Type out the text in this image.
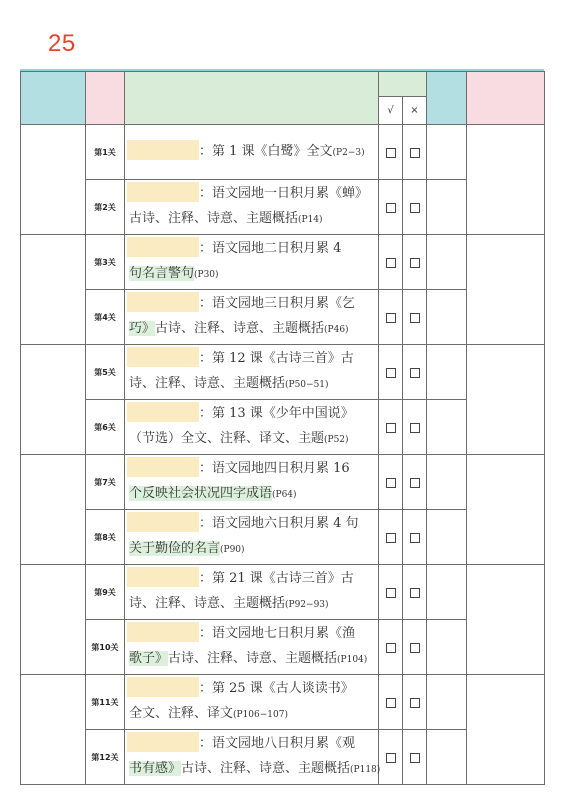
25

			√	×		
	第1关	：第 1 课《白鹭》全文(P2−3)				

	第2关	：语文园地一日积月累《蝉》
古诗、注释、诗意、主题概括(P14)				

	第3关	：语文园地二日积月累 4
句名言警句(P30)				

	第4关	：语文园地三日积月累《乞
巧》古诗、注释、诗意、主题概括(P46)				

	第5关	：第 12 课《古诗三首》古
诗、注释、诗意、主题概括(P50−51)				

	第6关	：第 13 课《少年中国说》
（节选）全文、注释、译文、主题(P52)				

	第7关	：语文园地四日积月累 16
个反映社会状况四字成语(P64)				

	第8关	：语文园地六日积月累 4 句
关于勤俭的名言(P90)				

	第9关	：第 21 课《古诗三首》古
诗、注释、诗意、主题概括(P92−93)				

	第10关	：语文园地七日积月累《渔
歌子》古诗、注释、诗意、主题概括(P104)				

	第11关	：第 25 课《古人谈读书》
全文、注释、译文(P106−107)				

	第12关	：语文园地八日积月累《观
书有感》古诗、注释、诗意、主题概括(P118)				
